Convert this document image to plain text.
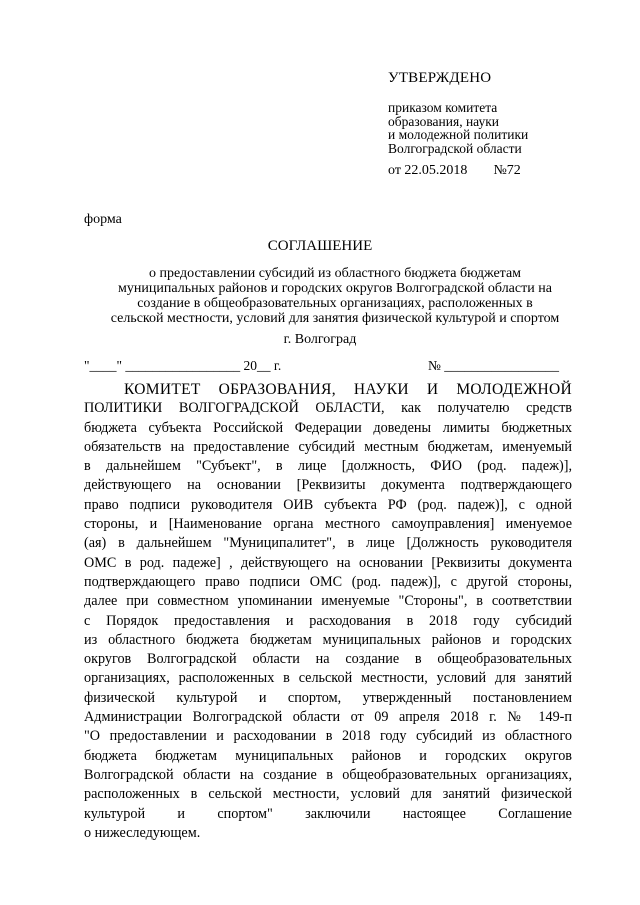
УТВЕРЖДЕНО
приказом комитета
образования, науки
и молодежной политики
Волгоградской области
от 22.05.2018 №72
форма
СОГЛАШЕНИЕ
о предоставлении субсидий из областного бюджета бюджетам
муниципальных районов и городских округов Волгоградской области на
создание в общеобразовательных организациях, расположенных в
сельской местности, условий для занятия физической культурой и спортом
г. Волгоград
"____" _________________ 20__ г.	№ _________________
КОМИТЕТ ОБРАЗОВАНИЯ, НАУКИ И МОЛОДЕЖНОЙ
ПОЛИТИКИ ВОЛГОГРАДСКОЙ ОБЛАСТИ, как получателю средств
бюджета субъекта Российской Федерации доведены лимиты бюджетных
обязательств на предоставление субсидий местным бюджетам, именуемый
в дальнейшем "Субъект", в лице [должность, ФИО (род. падеж)],
действующего на основании [Реквизиты документа подтверждающего
право подписи руководителя ОИВ субъекта РФ (род. падеж)], с одной
стороны, и [Наименование органа местного самоуправления] именуемое
(ая) в дальнейшем "Муниципалитет", в лице [Должность руководителя
ОМС в род. падеже] , действующего на основании [Реквизиты документа
подтверждающего право подписи ОМС (род. падеж)], с другой стороны,
далее при совместном упоминании именуемые "Стороны", в соответствии
с Порядок предоставления и расходования в 2018 году субсидий
из областного бюджета бюджетам муниципальных районов и городских
округов Волгоградской области на создание в общеобразовательных
организациях, расположенных в сельской местности, условий для занятий
физической культурой и спортом, утвержденный постановлением
Администрации Волгоградской области от 09 апреля 2018 г. № 149-п
"О предоставлении и расходовании в 2018 году субсидий из областного
бюджета бюджетам муниципальных районов и городских округов
Волгоградской области на создание в общеобразовательных организациях,
расположенных в сельской местности, условий для занятий физической
культурой и спортом" заключили настоящее Соглашение
о нижеследующем.
